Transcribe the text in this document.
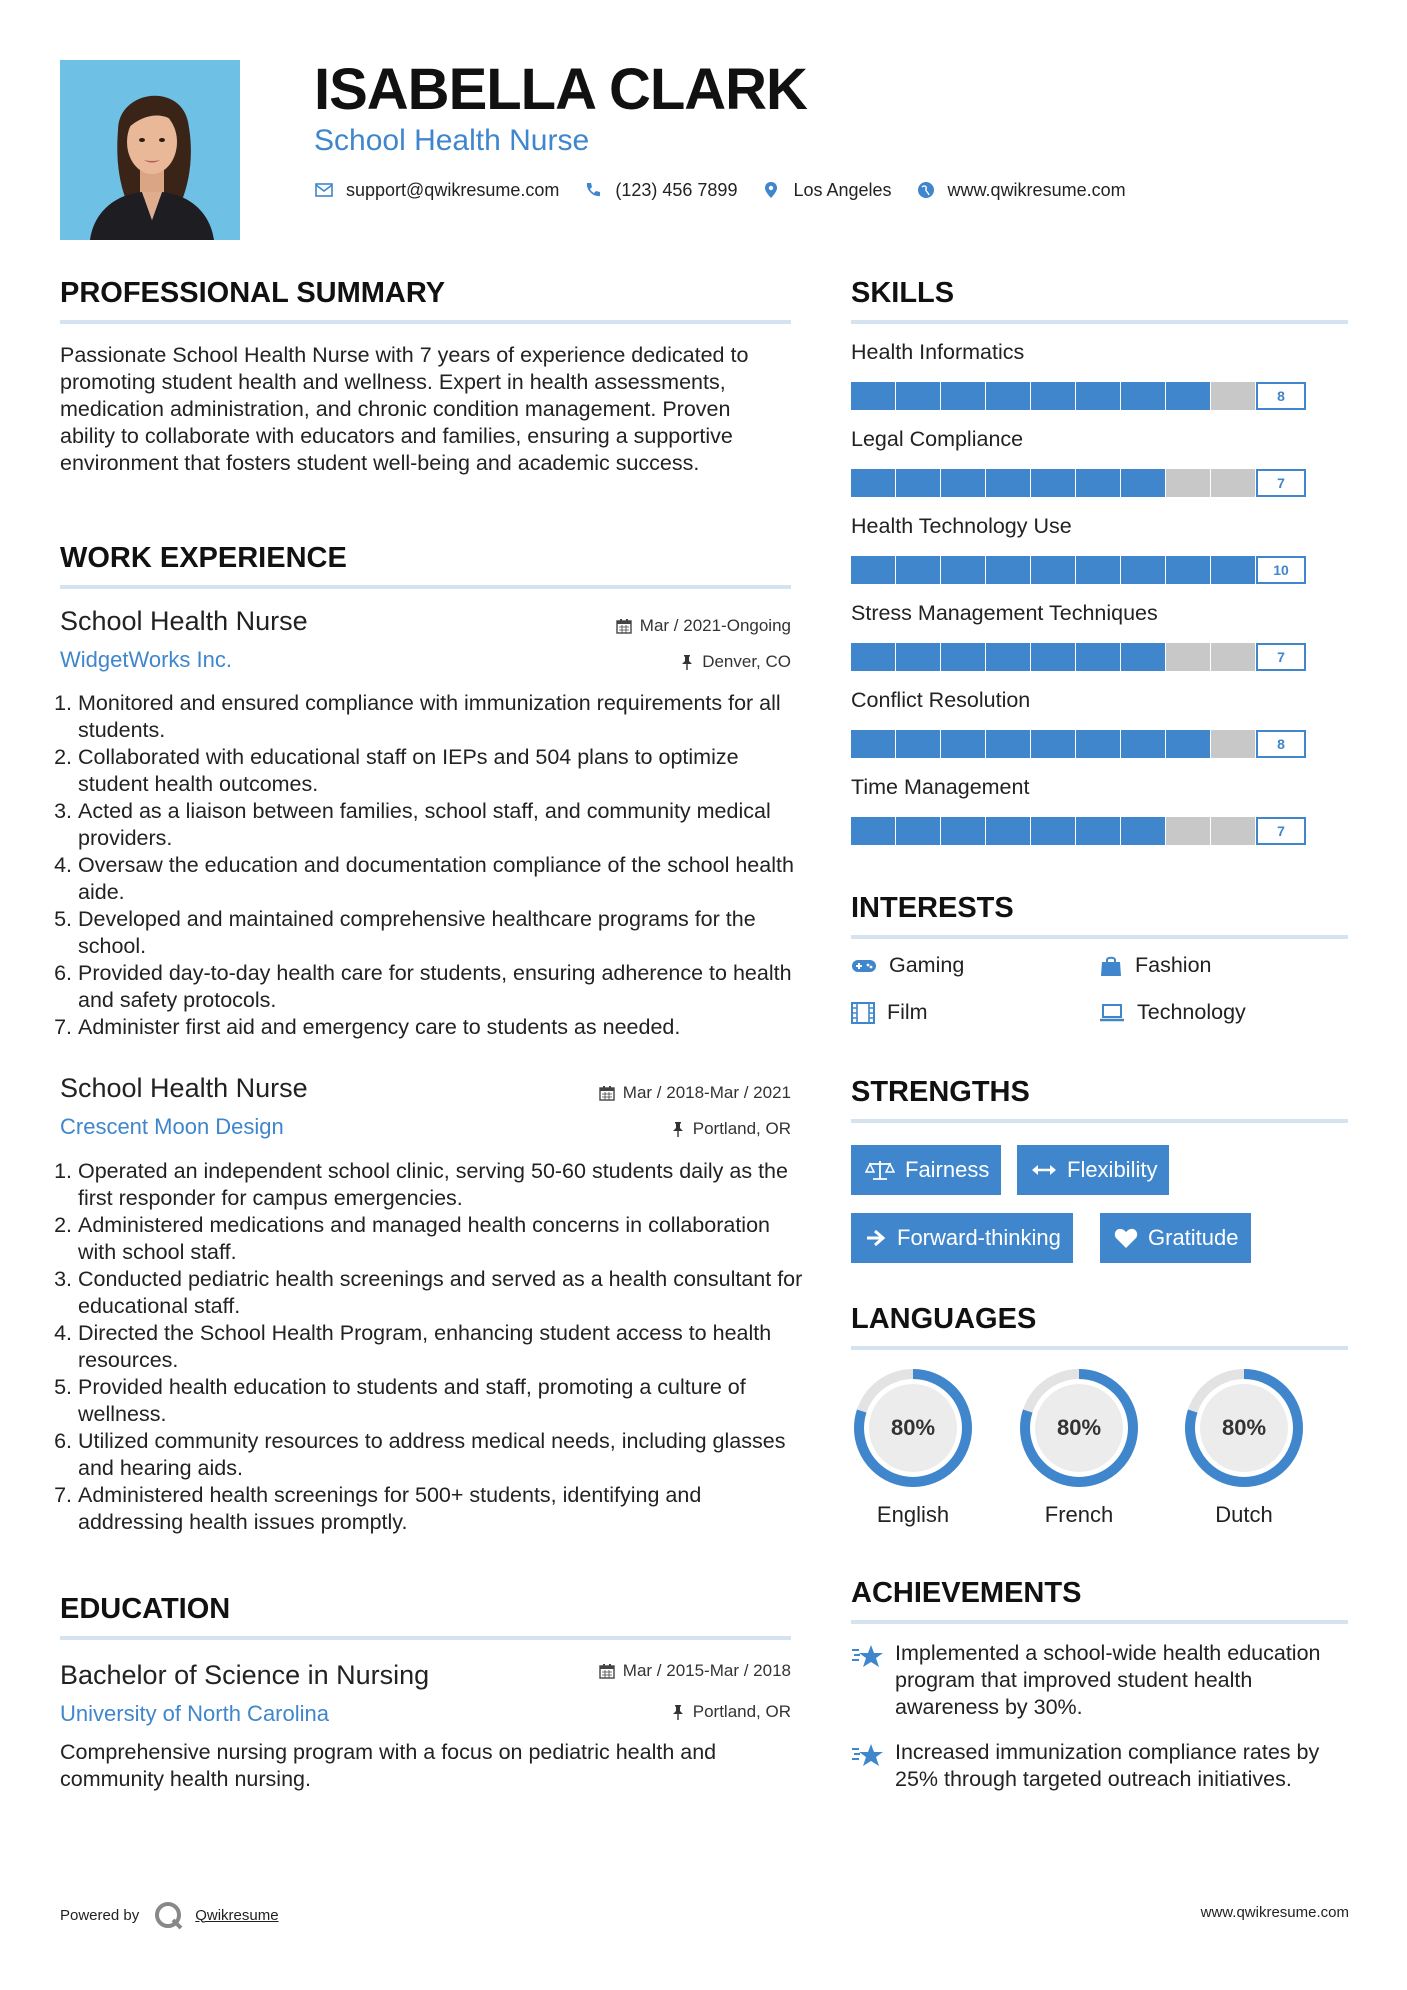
ISABELLA CLARK
School Health Nurse
support@qwikresume.com	(123) 456 7899	Los Angeles	www.qwikresume.com
PROFESSIONAL SUMMARY
Passionate School Health Nurse with 7 years of experience dedicated to promoting student health and wellness. Expert in health assessments, medication administration, and chronic condition management. Proven ability to collaborate with educators and families, ensuring a supportive environment that fosters student well-being and academic success.
WORK EXPERIENCE
School Health Nurse	Mar / 2021-Ongoing
WidgetWorks Inc.	Denver, CO
1. Monitored and ensured compliance with immunization requirements for all students.
2. Collaborated with educational staff on IEPs and 504 plans to optimize student health outcomes.
3. Acted as a liaison between families, school staff, and community medical providers.
4. Oversaw the education and documentation compliance of the school health aide.
5. Developed and maintained comprehensive healthcare programs for the school.
6. Provided day-to-day health care for students, ensuring adherence to health and safety protocols.
7. Administer first aid and emergency care to students as needed.
School Health Nurse	Mar / 2018-Mar / 2021
Crescent Moon Design	Portland, OR
1. Operated an independent school clinic, serving 50-60 students daily as the first responder for campus emergencies.
2. Administered medications and managed health concerns in collaboration with school staff.
3. Conducted pediatric health screenings and served as a health consultant for educational staff.
4. Directed the School Health Program, enhancing student access to health resources.
5. Provided health education to students and staff, promoting a culture of wellness.
6. Utilized community resources to address medical needs, including glasses and hearing aids.
7. Administered health screenings for 500+ students, identifying and addressing health issues promptly.
EDUCATION
Bachelor of Science in Nursing	Mar / 2015-Mar / 2018
University of North Carolina	Portland, OR
Comprehensive nursing program with a focus on pediatric health and community health nursing.
SKILLS
Health Informatics
8
Legal Compliance
7
Health Technology Use
10
Stress Management Techniques
7
Conflict Resolution
8
Time Management
7
INTERESTS
Gaming	Fashion
Film	Technology
STRENGTHS
Fairness	Flexibility
Forward-thinking	Gratitude
LANGUAGES
80%
English
80%
French
80%
Dutch
ACHIEVEMENTS
Implemented a school-wide health education program that improved student health awareness by 30%.
Increased immunization compliance rates by 25% through targeted outreach initiatives.
Powered by	Qwikresume	www.qwikresume.com
